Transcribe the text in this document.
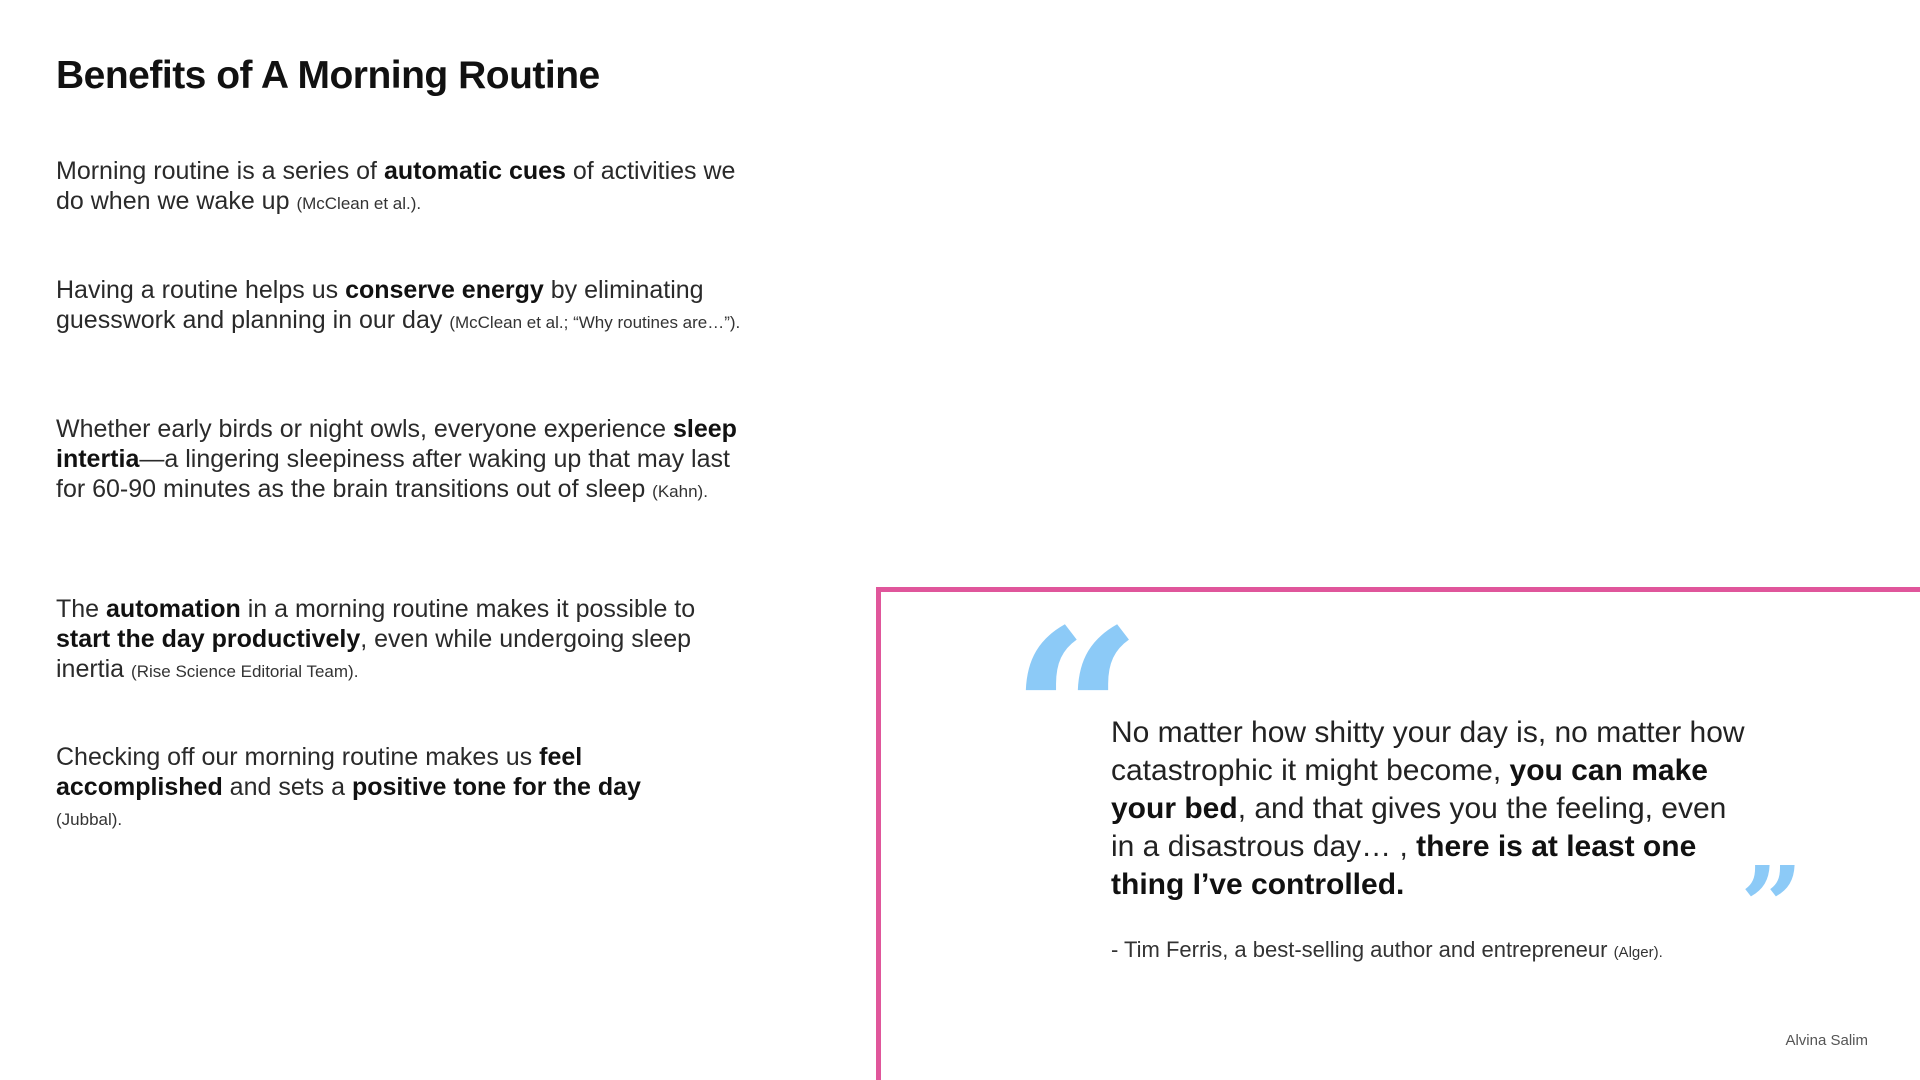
Benefits of A Morning Routine

Morning routine is a series of automatic cues of activities we do when we wake up (McClean et al.).

Having a routine helps us conserve energy by eliminating guesswork and planning in our day (McClean et al.; “Why routines are…”).

Whether early birds or night owls, everyone experience sleep intertia—a lingering sleepiness after waking up that may last for 60-90 minutes as the brain transitions out of sleep (Kahn).

The automation in a morning routine makes it possible to start the day productively, even while undergoing sleep inertia (Rise Science Editorial Team).

Checking off our morning routine makes us feel accomplished and sets a positive tone for the day
(Jubbal).	“

No matter how shitty your day is, no matter how catastrophic it might become, you can make your bed, and that gives you the feeling, even in a disastrous day… , there is at least one thing I’ve controlled.	”

- Tim Ferris, a best-selling author and entrepreneur (Alger).

Alvina Salim
